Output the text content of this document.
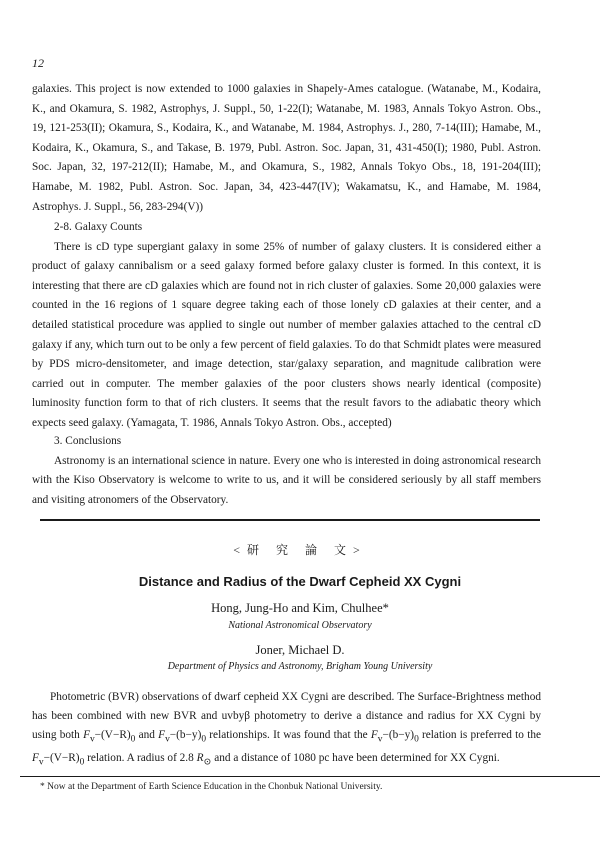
12

galaxies. This project is now extended to 1000 galaxies in Shapely-Ames catalogue. (Watanabe, M., Kodaira, K., and Okamura, S. 1982, Astrophys, J. Suppl., 50, 1-22(I); Watanabe, M. 1983, Annals Tokyo Astron. Obs., 19, 121-253(II); Okamura, S., Kodaira, K., and Watanabe, M. 1984, Astrophys. J., 280, 7-14(III); Hamabe, M., Kodaira, K., Okamura, S., and Takase, B. 1979, Publ. Astron. Soc. Japan, 31, 431-450(I); 1980, Publ. Astron. Soc. Japan, 32, 197-212(II); Hamabe, M., and Okamura, S., 1982, Annals Tokyo Obs., 18, 191-204(III); Hamabe, M. 1982, Publ. Astron. Soc. Japan, 34, 423-447(IV); Wakamatsu, K., and Hamabe, M. 1984, Astrophys. J. Suppl., 56, 283-294(V))

2-8. Galaxy Counts

There is cD type supergiant galaxy in some 25% of number of galaxy clusters. It is considered either a product of galaxy cannibalism or a seed galaxy formed before galaxy cluster is formed. In this context, it is interesting that there are cD galaxies which are found not in rich cluster of galaxies. Some 20,000 galaxies were counted in the 16 regions of 1 square degree taking each of those lonely cD galaxies at their center, and a detailed statistical procedure was applied to single out number of member galaxies attached to the central cD galaxy if any, which turn out to be only a few percent of field galaxies. To do that Schmidt plates were measured by PDS micro-densitometer, and image detection, star/galaxy separation, and magnitude calibration were carried out in computer. The member galaxies of the poor clusters shows nearly identical (composite) luminosity function form to that of rich clusters. It seems that the result favors to the adiabatic theory which expects seed galaxy. (Yamagata, T. 1986, Annals Tokyo Astron. Obs., accepted)

3. Conclusions

Astronomy is an international science in nature. Every one who is interested in doing astronomical research with the Kiso Observatory is welcome to write to us, and it will be considered seriously by all staff members and visiting atronomers of the Observatory.

<研 究 論 文>
Distance and Radius of the Dwarf Cepheid XX Cygni
Hong, Jung-Ho and Kim, Chulhee*
National Astronomical Observatory
Joner, Michael D.
Department of Physics and Astronomy, Brigham Young University
Photometric (BVR) observations of dwarf cepheid XX Cygni are described. The Surface-Brightness method has been combined with new BVR and uvbyβ photometry to derive a distance and radius for XX Cygni by using both $F_v-(V-R)_0$ and $F_v-(b-y)_0$ relationships. It was found that the $F_v-(b-y)_0$ relation is preferred to the $F_v-(V-R)_0$ relation. A radius of 2.8 $R_⊙$ and a distance of 1080 pc have been determined for XX Cygni.
* Now at the Department of Earth Science Education in the Chonbuk National University.
